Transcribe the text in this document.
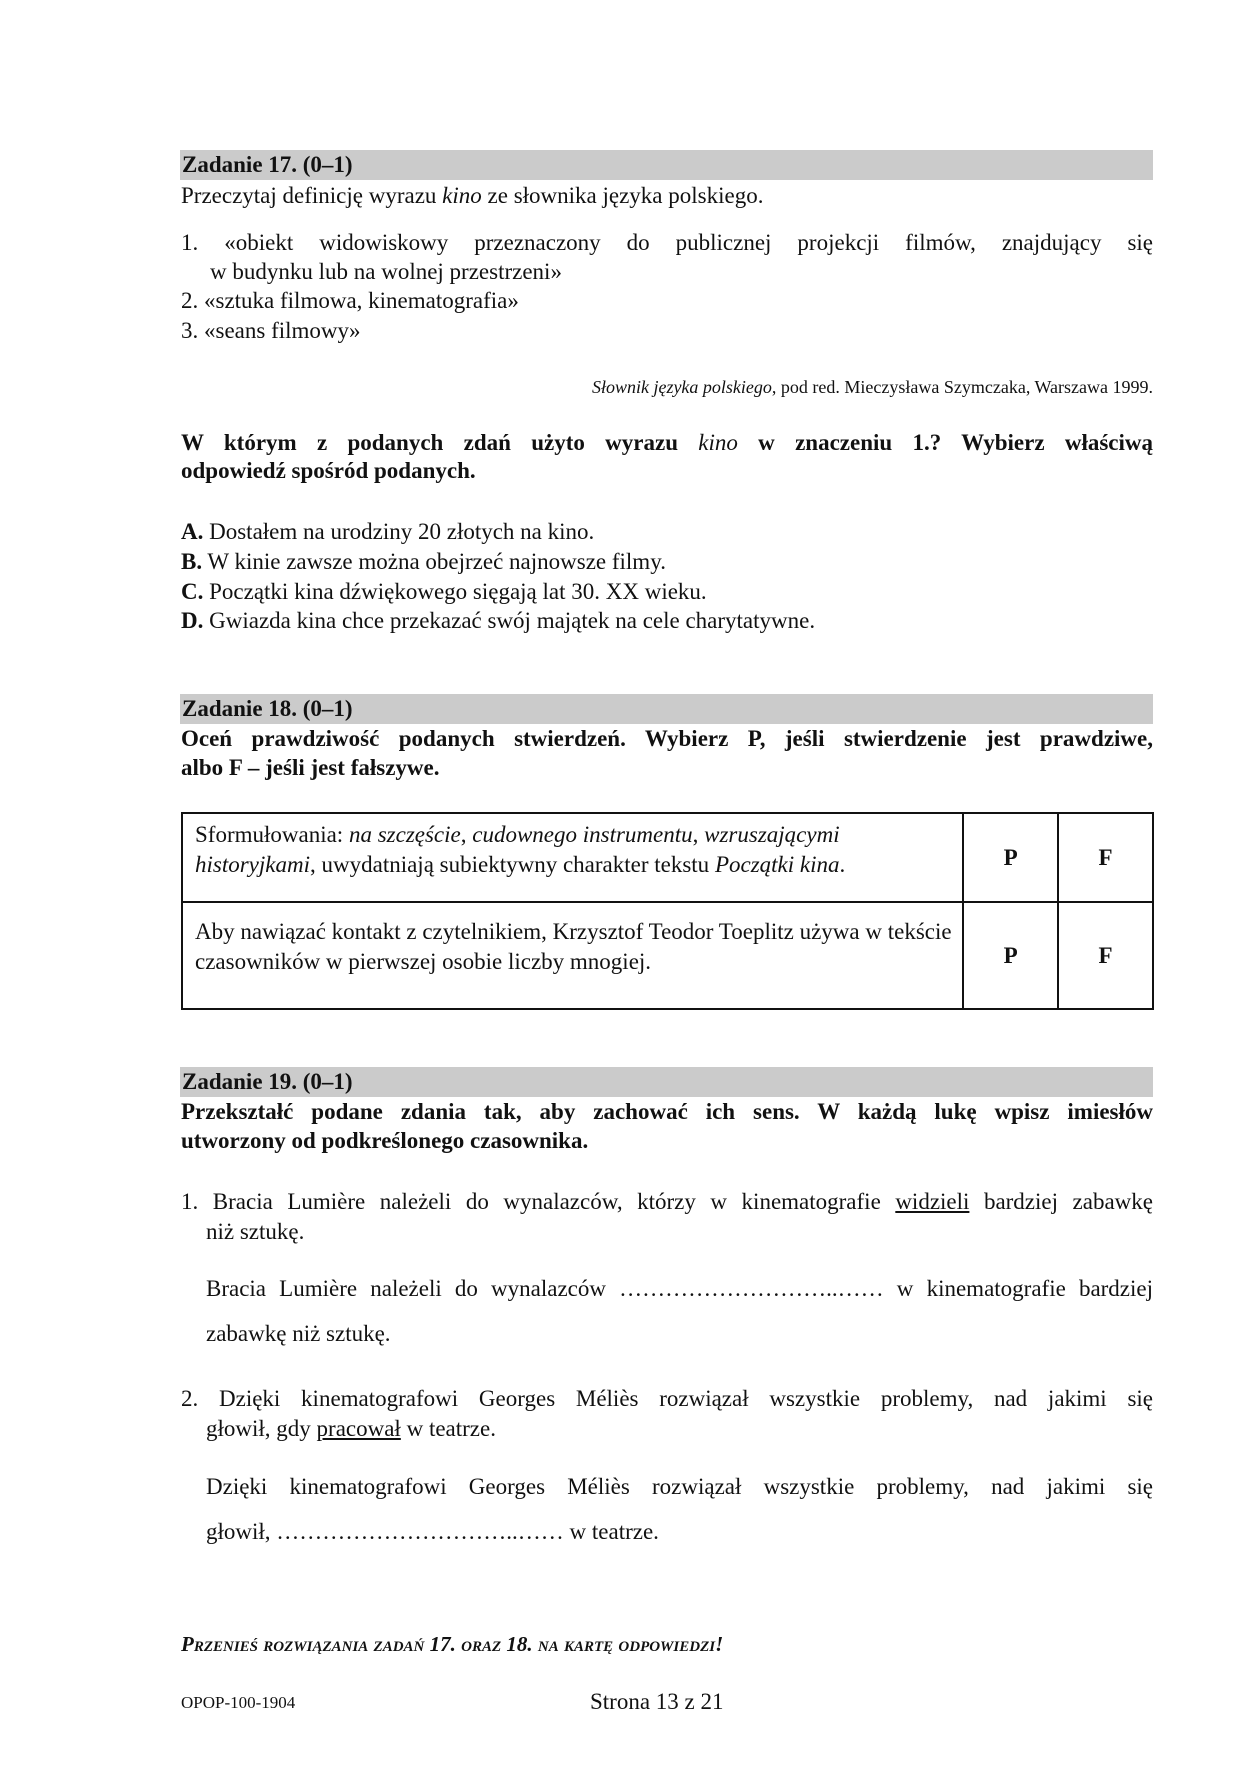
Zadanie 17. (0–1)
Przeczytaj definicję wyrazu kino ze słownika języka polskiego.
1. «obiekt widowiskowy przeznaczony do publicznej projekcji filmów, znajdujący się
w budynku lub na wolnej przestrzeni»
2. «sztuka filmowa, kinematografia»
3. «seans filmowy»
Słownik języka polskiego, pod red. Mieczysława Szymczaka, Warszawa 1999.
W którym z podanych zdań użyto wyrazu kino w znaczeniu 1.? Wybierz właściwą
odpowiedź spośród podanych.
A. Dostałem na urodziny 20 złotych na kino.
B. W kinie zawsze można obejrzeć najnowsze filmy.
C. Początki kina dźwiękowego sięgają lat 30. XX wieku.
D. Gwiazda kina chce przekazać swój majątek na cele charytatywne.
Zadanie 18. (0–1)
Oceń prawdziwość podanych stwierdzeń. Wybierz P, jeśli stwierdzenie jest prawdziwe,
albo F – jeśli jest fałszywe.
Sformułowania: na szczęście, cudownego instrumentu, wzruszającymi historyjkami, uwydatniają subiektywny charakter tekstu Początki kina.	P	F
Aby nawiązać kontakt z czytelnikiem, Krzysztof Teodor Toeplitz używa w tekście czasowników w pierwszej osobie liczby mnogiej.	P	F
Zadanie 19. (0–1)
Przekształć podane zdania tak, aby zachować ich sens. W każdą lukę wpisz imiesłów
utworzony od podkreślonego czasownika.
1. Bracia Lumière należeli do wynalazców, którzy w kinematografie widzieli bardziej zabawkę
niż sztukę.
Bracia Lumière należeli do wynalazców ………………………..…… w kinematografie bardziej
zabawkę niż sztukę.
2. Dzięki kinematografowi Georges Méliès rozwiązał wszystkie problemy, nad jakimi się
głowił, gdy pracował w teatrze.
Dzięki kinematografowi Georges Méliès rozwiązał wszystkie problemy, nad jakimi się
głowił, …………………………..…… w teatrze.
Przenieś rozwiązania zadań 17. oraz 18. na kartę odpowiedzi!
OPOP-100-1904	Strona 13 z 21
